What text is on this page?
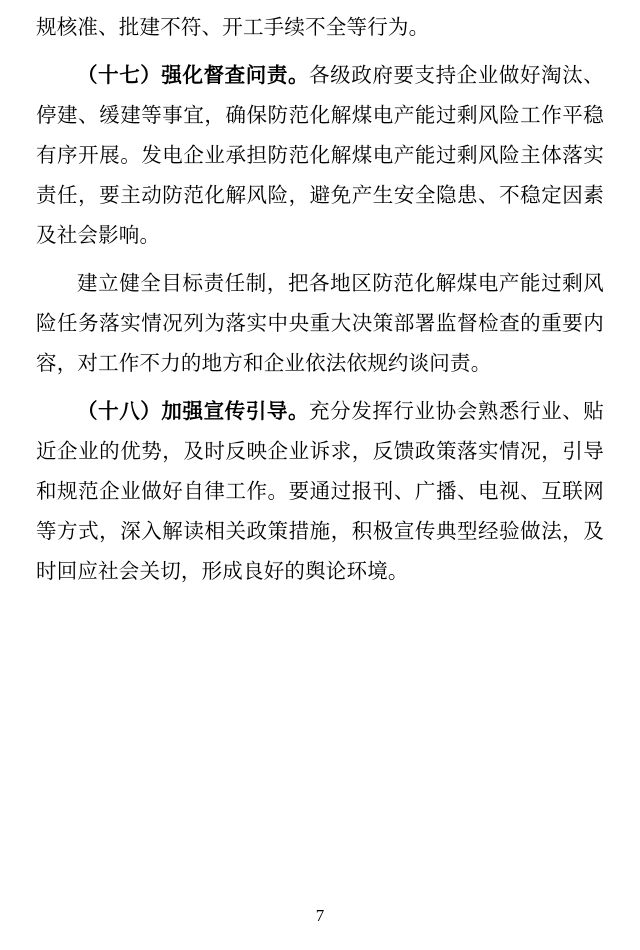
规核准、批建不符、开工手续不全等行为。

（十七）强化督查问责。各级政府要支持企业做好淘汰、停建、缓建等事宜，确保防范化解煤电产能过剩风险工作平稳有序开展。发电企业承担防范化解煤电产能过剩风险主体落实责任，要主动防范化解风险，避免产生安全隐患、不稳定因素及社会影响。

建立健全目标责任制，把各地区防范化解煤电产能过剩风险任务落实情况列为落实中央重大决策部署监督检查的重要内容，对工作不力的地方和企业依法依规约谈问责。

（十八）加强宣传引导。充分发挥行业协会熟悉行业、贴近企业的优势，及时反映企业诉求，反馈政策落实情况，引导和规范企业做好自律工作。要通过报刊、广播、电视、互联网等方式，深入解读相关政策措施，积极宣传典型经验做法，及时回应社会关切，形成良好的舆论环境。

7
